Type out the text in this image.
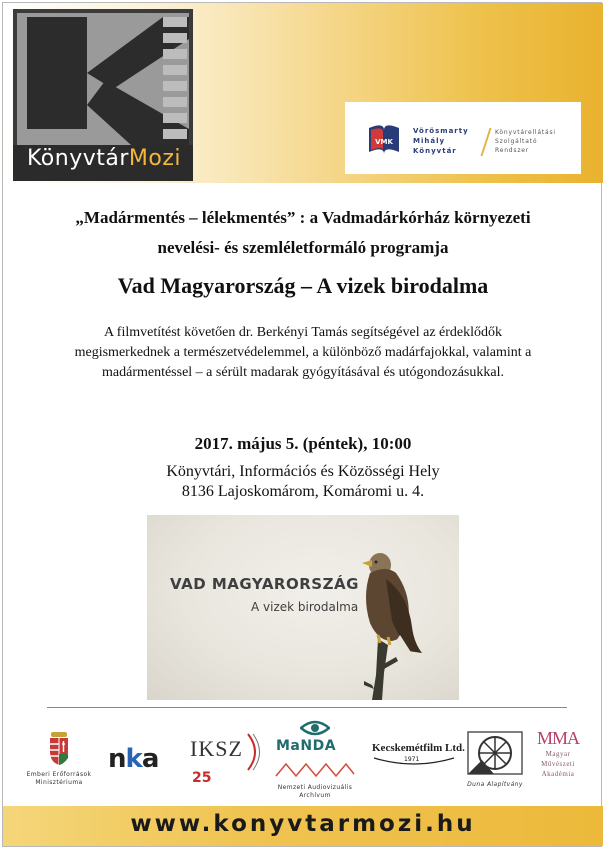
KönyvtárMozi
VMK
Vörösmarty
Mihály
Könyvtár
Könyvtárellátási
Szolgáltató
Rendszer
„Madármentés – lélekmentés” : a Vadmadárkórház környezeti
nevelési- és szemléletformáló programja
Vad Magyarország – A vizek birodalma
A filmvetítést követően dr. Berkényi Tamás segítségével az érdeklődők
megismerkednek a természetvédelemmel, a különböző madárfajokkal, valamint a
madármentéssel – a sérült madarak gyógyításával és utógondozásukkal.
2017. május 5. (péntek), 10:00
Könyvtári, Információs és Közösségi Hely
8136 Lajoskomárom, Komáromi u. 4.
VAD MAGYARORSZÁG
A vizek birodalma
Emberi Erőforrások
Minisztériuma
nka IKSZ
25
MaNDA
Nemzeti Audiovizuális Archívum
Kecskemétfilm Ltd.
1971
Duna Alapítvány
MMA
Magyar
Művészeti
Akadémia
www.konyvtarmozi.hu
